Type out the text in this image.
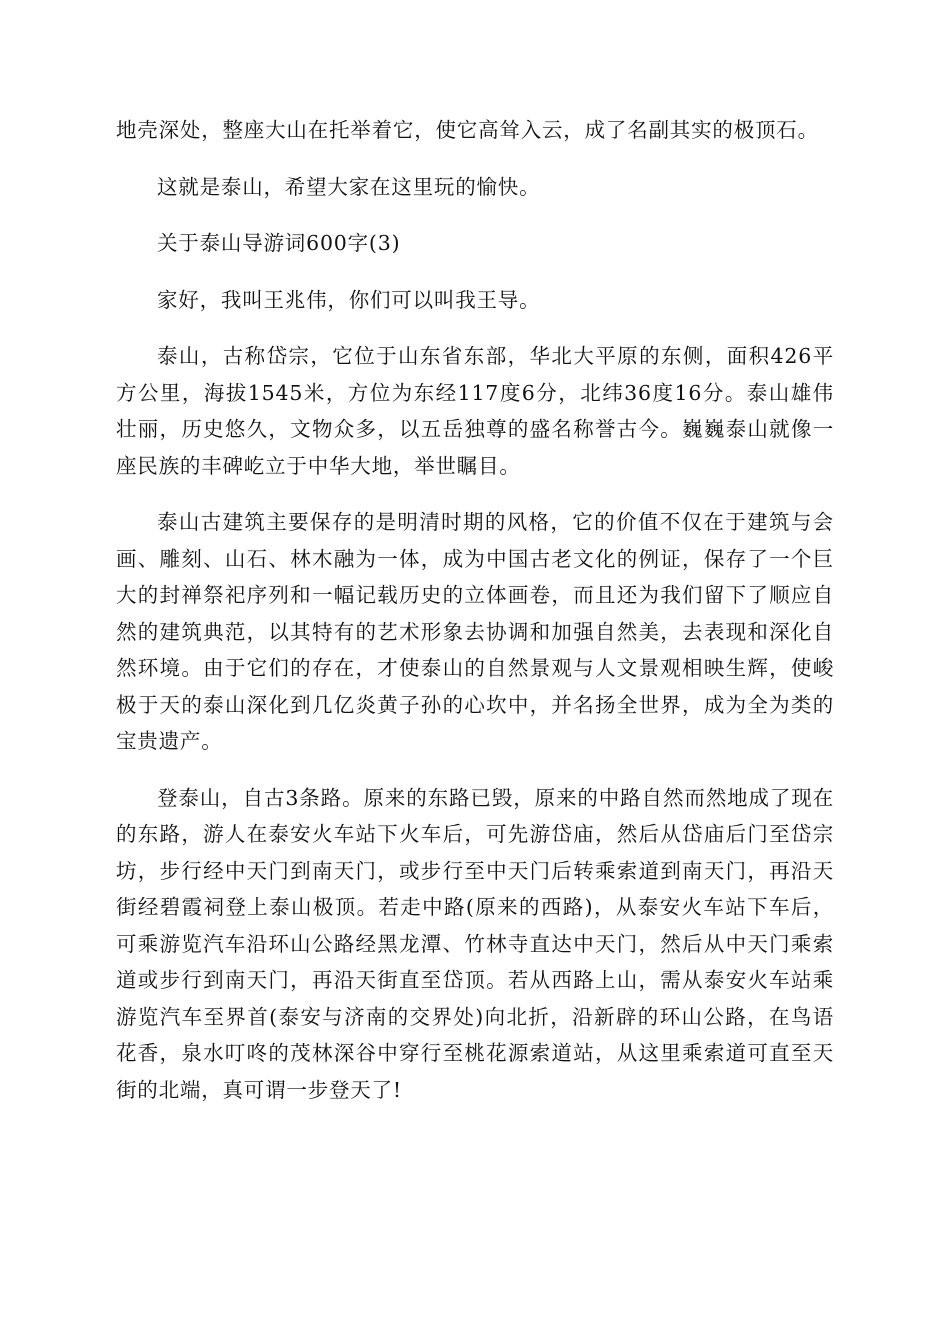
地壳深处，整座大山在托举着它，使它高耸入云，成了名副其实的极顶石。

这就是泰山，希望大家在这里玩的愉快。

关于泰山导游词600字(3)

家好，我叫王兆伟，你们可以叫我王导。

泰山，古称岱宗，它位于山东省东部，华北大平原的东侧，面积426平方公里，海拔1545米，方位为东经117度6分，北纬36度16分。泰山雄伟壮丽，历史悠久，文物众多，以五岳独尊的盛名称誉古今。巍巍泰山就像一座民族的丰碑屹立于中华大地，举世瞩目。

泰山古建筑主要保存的是明清时期的风格，它的价值不仅在于建筑与会画、雕刻、山石、林木融为一体，成为中国古老文化的例证，保存了一个巨大的封禅祭祀序列和一幅记载历史的立体画卷，而且还为我们留下了顺应自然的建筑典范，以其特有的艺术形象去协调和加强自然美，去表现和深化自然环境。由于它们的存在，才使泰山的自然景观与人文景观相映生辉，使峻极于天的泰山深化到几亿炎黄子孙的心坎中，并名扬全世界，成为全为类的宝贵遗产。

登泰山，自古3条路。原来的东路已毁，原来的中路自然而然地成了现在的东路，游人在泰安火车站下火车后，可先游岱庙，然后从岱庙后门至岱宗坊，步行经中天门到南天门，或步行至中天门后转乘索道到南天门，再沿天街经碧霞祠登上泰山极顶。若走中路(原来的西路)，从泰安火车站下车后，可乘游览汽车沿环山公路经黑龙潭、竹林寺直达中天门，然后从中天门乘索道或步行到南天门，再沿天街直至岱顶。若从西路上山，需从泰安火车站乘游览汽车至界首(泰安与济南的交界处)向北折，沿新辟的环山公路，在鸟语花香，泉水叮咚的茂林深谷中穿行至桃花源索道站，从这里乘索道可直至天街的北端，真可谓一步登天了!
